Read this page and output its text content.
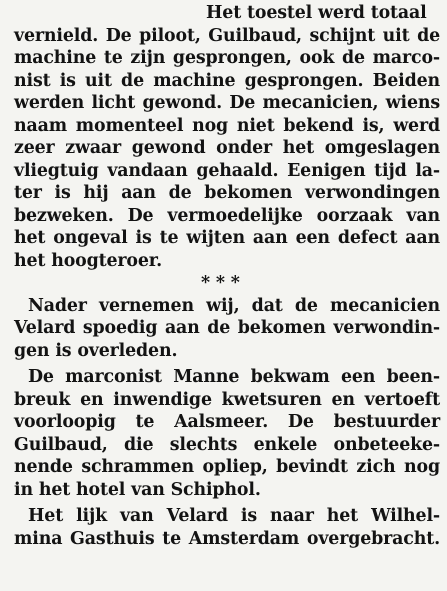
Het toestel werd totaal
vernield. De piloot, Guilbaud, schijnt uit de
machine te zijn gesprongen, ook de marco-
nist is uit de machine gesprongen. Beiden
werden licht gewond. De mecanicien, wiens
naam momenteel nog niet bekend is, werd
zeer zwaar gewond onder het omgeslagen
vliegtuig vandaan gehaald. Eenigen tijd la-
ter is hij aan de bekomen verwondingen
bezweken. De vermoedelijke oorzaak van
het ongeval is te wijten aan een defect aan
het hoogteroer.
* * *
Nader vernemen wij, dat de mecanicien
Velard spoedig aan de bekomen verwondin-
gen is overleden.
De marconist Manne bekwam een been-
breuk en inwendige kwetsuren en vertoeft
voorloopig te Aalsmeer. De bestuurder
Guilbaud, die slechts enkele onbeteeke-
nende schrammen opliep, bevindt zich nog
in het hotel van Schiphol.
Het lijk van Velard is naar het Wilhel-
mina Gasthuis te Amsterdam overgebracht.
